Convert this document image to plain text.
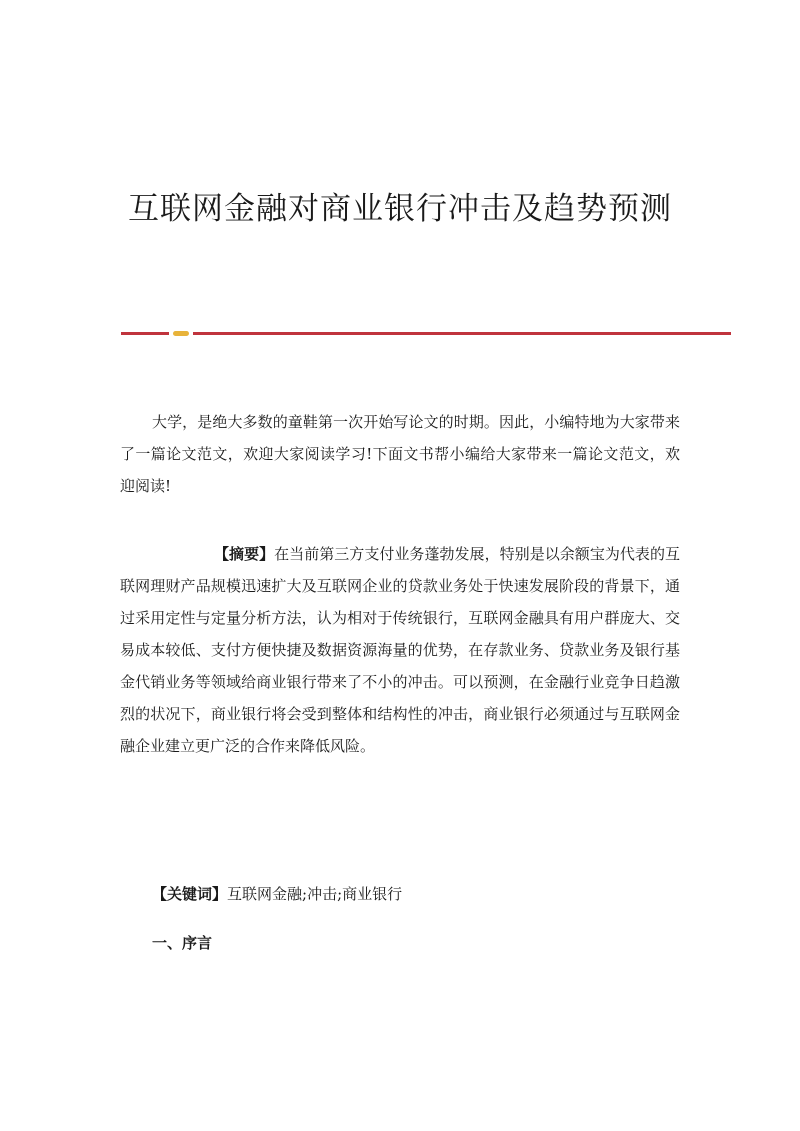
互联网金融对商业银行冲击及趋势预测

大学，是绝大多数的童鞋第一次开始写论文的时期。因此，小编特地为大家带来了一篇论文范文，欢迎大家阅读学习!下面文书帮小编给大家带来一篇论文范文，欢迎阅读!

【摘要】在当前第三方支付业务蓬勃发展，特别是以余额宝为代表的互联网理财产品规模迅速扩大及互联网企业的贷款业务处于快速发展阶段的背景下，通过采用定性与定量分析方法，认为相对于传统银行，互联网金融具有用户群庞大、交易成本较低、支付方便快捷及数据资源海量的优势，在存款业务、贷款业务及银行基金代销业务等领域给商业银行带来了不小的冲击。可以预测，在金融行业竞争日趋激烈的状况下，商业银行将会受到整体和结构性的冲击，商业银行必须通过与互联网金融企业建立更广泛的合作来降低风险。

【关键词】互联网金融;冲击;商业银行

一、序言
